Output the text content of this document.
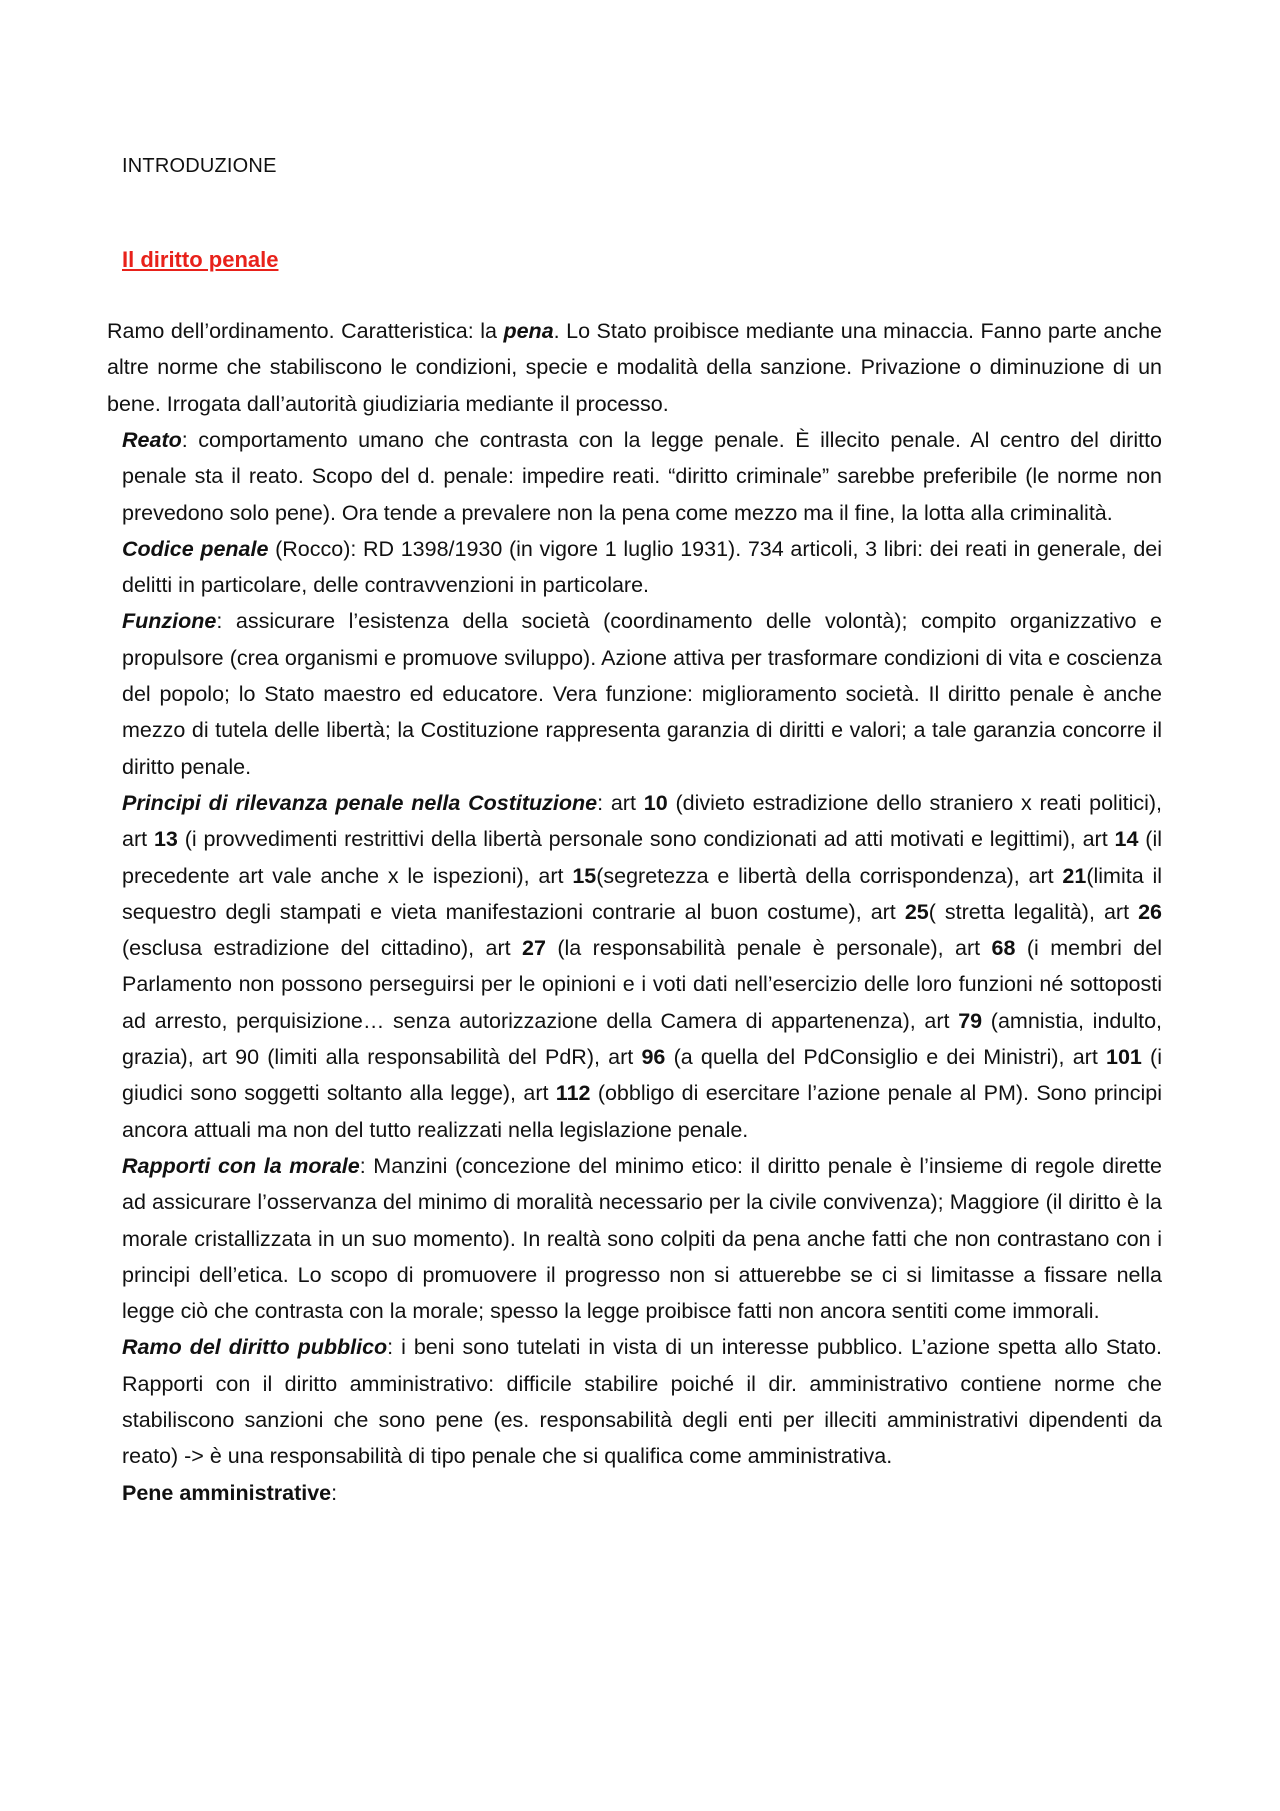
INTRODUZIONE
Il diritto penale

Ramo dell’ordinamento. Caratteristica: la pena. Lo Stato proibisce mediante una minaccia. Fanno parte anche altre norme che stabiliscono le condizioni, specie e modalità della sanzione. Privazione o diminuzione di un bene. Irrogata dall’autorità giudiziaria mediante il processo.

Reato: comportamento umano che contrasta con la legge penale. È illecito penale. Al centro del diritto penale sta il reato. Scopo del d. penale: impedire reati. “diritto criminale” sarebbe preferibile (le norme non prevedono solo pene). Ora tende a prevalere non la pena come mezzo ma il fine, la lotta alla criminalità.

Codice penale (Rocco): RD 1398/1930 (in vigore 1 luglio 1931). 734 articoli, 3 libri: dei reati in generale, dei delitti in particolare, delle contravvenzioni in particolare.

Funzione: assicurare l’esistenza della società (coordinamento delle volontà); compito organizzativo e propulsore (crea organismi e promuove sviluppo). Azione attiva per trasformare condizioni di vita e coscienza del popolo; lo Stato maestro ed educatore. Vera funzione: miglioramento società. Il diritto penale è anche mezzo di tutela delle libertà; la Costituzione rappresenta garanzia di diritti e valori; a tale garanzia concorre il diritto penale.

Principi di rilevanza penale nella Costituzione: art 10 (divieto estradizione dello straniero x reati politici), art 13 (i provvedimenti restrittivi della libertà personale sono condizionati ad atti motivati e legittimi), art 14 (il precedente art vale anche x le ispezioni), art 15(segretezza e libertà della corrispondenza), art 21(limita il sequestro degli stampati e vieta manifestazioni contrarie al buon costume), art 25( stretta legalità), art 26 (esclusa estradizione del cittadino), art 27 (la responsabilità penale è personale), art 68 (i membri del Parlamento non possono perseguirsi per le opinioni e i voti dati nell’esercizio delle loro funzioni né sottoposti ad arresto, perquisizione… senza autorizzazione della Camera di appartenenza), art 79 (amnistia, indulto, grazia), art 90 (limiti alla responsabilità del PdR), art 96 (a quella del PdConsiglio e dei Ministri), art 101 (i giudici sono soggetti soltanto alla legge), art 112 (obbligo di esercitare l’azione penale al PM). Sono principi ancora attuali ma non del tutto realizzati nella legislazione penale.

Rapporti con la morale: Manzini (concezione del minimo etico: il diritto penale è l’insieme di regole dirette ad assicurare l’osservanza del minimo di moralità necessario per la civile convivenza); Maggiore (il diritto è la morale cristallizzata in un suo momento). In realtà sono colpiti da pena anche fatti che non contrastano con i principi dell’etica. Lo scopo di promuovere il progresso non si attuerebbe se ci si limitasse a fissare nella legge ciò che contrasta con la morale; spesso la legge proibisce fatti non ancora sentiti come immorali.

Ramo del diritto pubblico: i beni sono tutelati in vista di un interesse pubblico. L’azione spetta allo Stato. Rapporti con il diritto amministrativo: difficile stabilire poiché il dir. amministrativo contiene norme che stabiliscono sanzioni che sono pene (es. responsabilità degli enti per illeciti amministrativi dipendenti da reato) -> è una responsabilità di tipo penale che si qualifica come amministrativa.

Pene amministrative:
